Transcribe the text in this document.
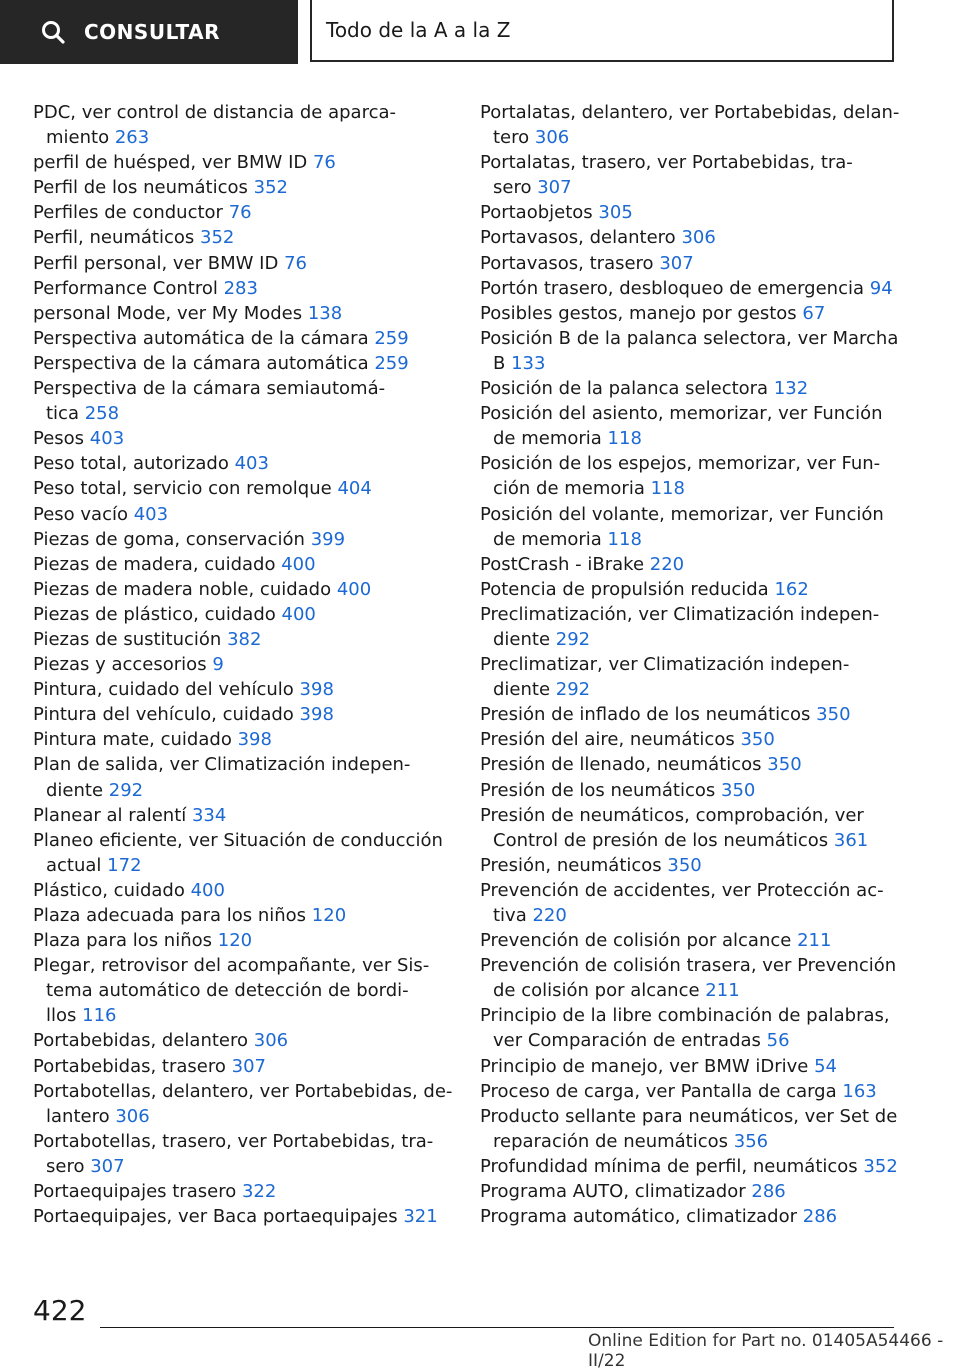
CONSULTAR	Todo de la A a la Z

PDC, ver control de distancia de aparca‐
miento 263

perfil de huésped, ver BMW ID 76

Perfil de los neumáticos 352

Perfiles de conductor 76

Perfil, neumáticos 352

Perfil personal, ver BMW ID 76

Performance Control 283

personal Mode, ver My Modes 138

Perspectiva automática de la cámara 259

Perspectiva de la cámara automática 259

Perspectiva de la cámara semiautomá‐
tica 258

Pesos 403

Peso total, autorizado 403

Peso total, servicio con remolque 404

Peso vacío 403

Piezas de goma, conservación 399

Piezas de madera, cuidado 400

Piezas de madera noble, cuidado 400

Piezas de plástico, cuidado 400

Piezas de sustitución 382

Piezas y accesorios 9

Pintura, cuidado del vehículo 398

Pintura del vehículo, cuidado 398

Pintura mate, cuidado 398

Plan de salida, ver Climatización indepen‐
diente 292

Planear al ralentí 334

Planeo eficiente, ver Situación de conducción
actual 172

Plástico, cuidado 400

Plaza adecuada para los niños 120

Plaza para los niños 120

Plegar, retrovisor del acompañante, ver Sis‐
tema automático de detección de bordi‐
llos 116

Portabebidas, delantero 306

Portabebidas, trasero 307

Portabotellas, delantero, ver Portabebidas, de‐
lantero 306

Portabotellas, trasero, ver Portabebidas, tra‐
sero 307

Portaequipajes trasero 322

Portaequipajes, ver Baca portaequipajes 321

Portalatas, delantero, ver Portabebidas, delan‐
tero 306

Portalatas, trasero, ver Portabebidas, tra‐
sero 307

Portaobjetos 305

Portavasos, delantero 306

Portavasos, trasero 307

Portón trasero, desbloqueo de emergencia 94

Posibles gestos, manejo por gestos 67

Posición B de la palanca selectora, ver Marcha
B 133

Posición de la palanca selectora 132

Posición del asiento, memorizar, ver Función
de memoria 118

Posición de los espejos, memorizar, ver Fun‐
ción de memoria 118

Posición del volante, memorizar, ver Función
de memoria 118

PostCrash - iBrake 220

Potencia de propulsión reducida 162

Preclimatización, ver Climatización indepen‐
diente 292

Preclimatizar, ver Climatización indepen‐
diente 292

Presión de inflado de los neumáticos 350

Presión del aire, neumáticos 350

Presión de llenado, neumáticos 350

Presión de los neumáticos 350

Presión de neumáticos, comprobación, ver
Control de presión de los neumáticos 361

Presión, neumáticos 350

Prevención de accidentes, ver Protección ac‐
tiva 220

Prevención de colisión por alcance 211

Prevención de colisión trasera, ver Prevención
de colisión por alcance 211

Principio de la libre combinación de palabras,
ver Comparación de entradas 56

Principio de manejo, ver BMW iDrive 54

Proceso de carga, ver Pantalla de carga 163

Producto sellante para neumáticos, ver Set de
reparación de neumáticos 356

Profundidad mínima de perfil, neumáticos 352

Programa AUTO, climatizador 286

Programa automático, climatizador 286

422
Online Edition for Part no. 01405A54466 - II/22
